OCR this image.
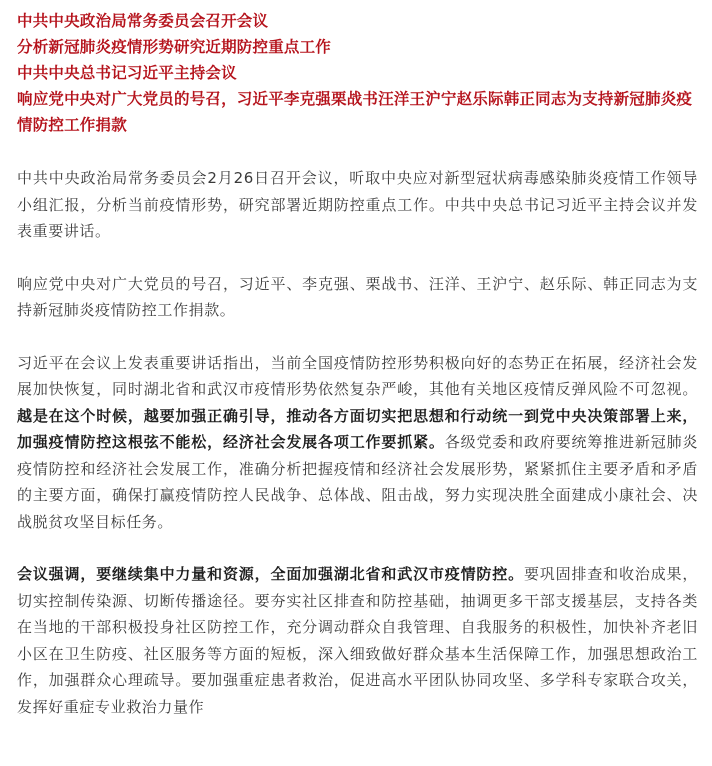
中共中央政治局常务委员会召开会议

分析新冠肺炎疫情形势研究近期防控重点工作

中共中央总书记习近平主持会议

响应党中央对广大党员的号召，习近平李克强栗战书汪洋王沪宁赵乐际韩正同志为支持新冠肺炎疫情防控工作捐款

中共中央政治局常务委员会2月26日召开会议，听取中央应对新型冠状病毒感染肺炎疫情工作领导小组汇报，分析当前疫情形势，研究部署近期防控重点工作。中共中央总书记习近平主持会议并发表重要讲话。

响应党中央对广大党员的号召，习近平、李克强、栗战书、汪洋、王沪宁、赵乐际、韩正同志为支持新冠肺炎疫情防控工作捐款。

习近平在会议上发表重要讲话指出，当前全国疫情防控形势积极向好的态势正在拓展，经济社会发展加快恢复，同时湖北省和武汉市疫情形势依然复杂严峻，其他有关地区疫情反弹风险不可忽视。越是在这个时候，越要加强正确引导，推动各方面切实把思想和行动统一到党中央决策部署上来，加强疫情防控这根弦不能松，经济社会发展各项工作要抓紧。各级党委和政府要统筹推进新冠肺炎疫情防控和经济社会发展工作，准确分析把握疫情和经济社会发展形势，紧紧抓住主要矛盾和矛盾的主要方面，确保打赢疫情防控人民战争、总体战、阻击战，努力实现决胜全面建成小康社会、决战脱贫攻坚目标任务。

会议强调，要继续集中力量和资源，全面加强湖北省和武汉市疫情防控。要巩固排查和收治成果，切实控制传染源、切断传播途径。要夯实社区排查和防控基础，抽调更多干部支援基层，支持各类在当地的干部积极投身社区防控工作，充分调动群众自我管理、自我服务的积极性，加快补齐老旧小区在卫生防疫、社区服务等方面的短板，深入细致做好群众基本生活保障工作，加强思想政治工作，加强群众心理疏导。要加强重症患者救治，促进高水平团队协同攻坚、多学科专家联合攻关，发挥好重症专业救治力量作
